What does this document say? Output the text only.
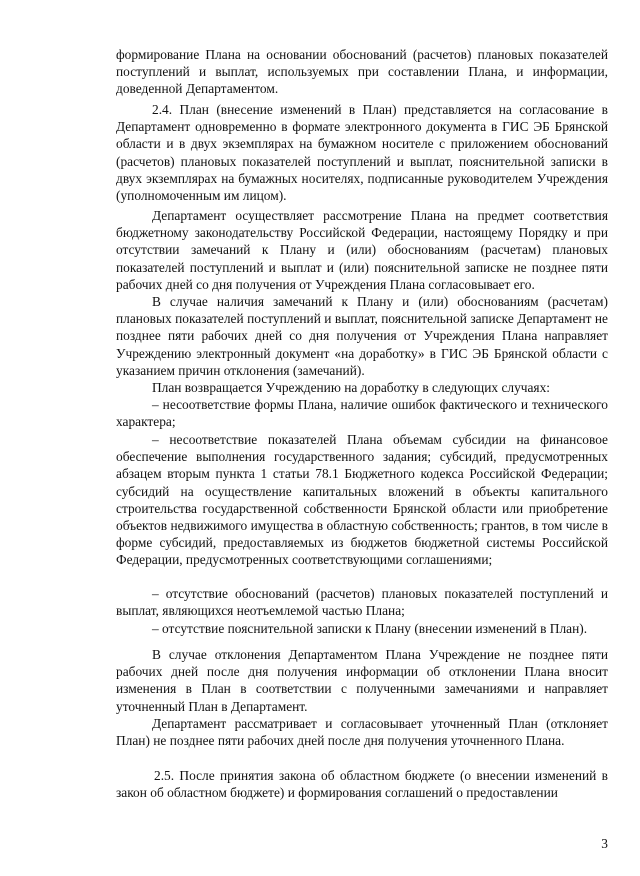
формирование Плана на основании обоснований (расчетов) плановых показателей поступлений и выплат, используемых при составлении Плана, и информации, доведенной Департаментом.
2.4. План (внесение изменений в План) представляется на согласование в Департамент одновременно в формате электронного документа в ГИС ЭБ Брянской области и в двух экземплярах на бумажном носителе с приложением обоснований (расчетов) плановых показателей поступлений и выплат, пояснительной записки в двух экземплярах на бумажных носителях, подписанные руководителем Учреждения (уполномоченным им лицом).
Департамент осуществляет рассмотрение Плана на предмет соответствия бюджетному законодательству Российской Федерации, настоящему Порядку и при отсутствии замечаний к Плану и (или) обоснованиям (расчетам) плановых показателей поступлений и выплат и (или) пояснительной записке не позднее пяти рабочих дней со дня получения от Учреждения Плана согласовывает его.
В случае наличия замечаний к Плану и (или) обоснованиям (расчетам) плановых показателей поступлений и выплат, пояснительной записке Департамент не позднее пяти рабочих дней со дня получения от Учреждения Плана направляет Учреждению электронный документ «на доработку» в ГИС ЭБ Брянской области с указанием причин отклонения (замечаний).
План возвращается Учреждению на доработку в следующих случаях:
– несоответствие формы Плана, наличие ошибок фактического и технического характера;
– несоответствие показателей Плана объемам субсидии на финансовое обеспечение выполнения государственного задания; субсидий, предусмотренных абзацем вторым пункта 1 статьи 78.1 Бюджетного кодекса Российской Федерации; субсидий на осуществление капитальных вложений в объекты капитального строительства государственной собственности Брянской области или приобретение объектов недвижимого имущества в областную собственность; грантов, в том числе в форме субсидий, предоставляемых из бюджетов бюджетной системы Российской Федерации, предусмотренных соответствующими соглашениями;
– отсутствие обоснований (расчетов) плановых показателей поступлений и выплат, являющихся неотъемлемой частью Плана;
– отсутствие пояснительной записки к Плану (внесении изменений в План).
В случае отклонения Департаментом Плана Учреждение не позднее пяти рабочих дней после дня получения информации об отклонении Плана вносит изменения в План в соответствии с полученными замечаниями и направляет уточненный План в Департамент.
Департамент рассматривает и согласовывает уточненный План (отклоняет План) не позднее пяти рабочих дней после дня получения уточненного Плана.
2.5. После принятия закона об областном бюджете (о внесении изменений в закон об областном бюджете) и формирования соглашений о предоставлении
3
